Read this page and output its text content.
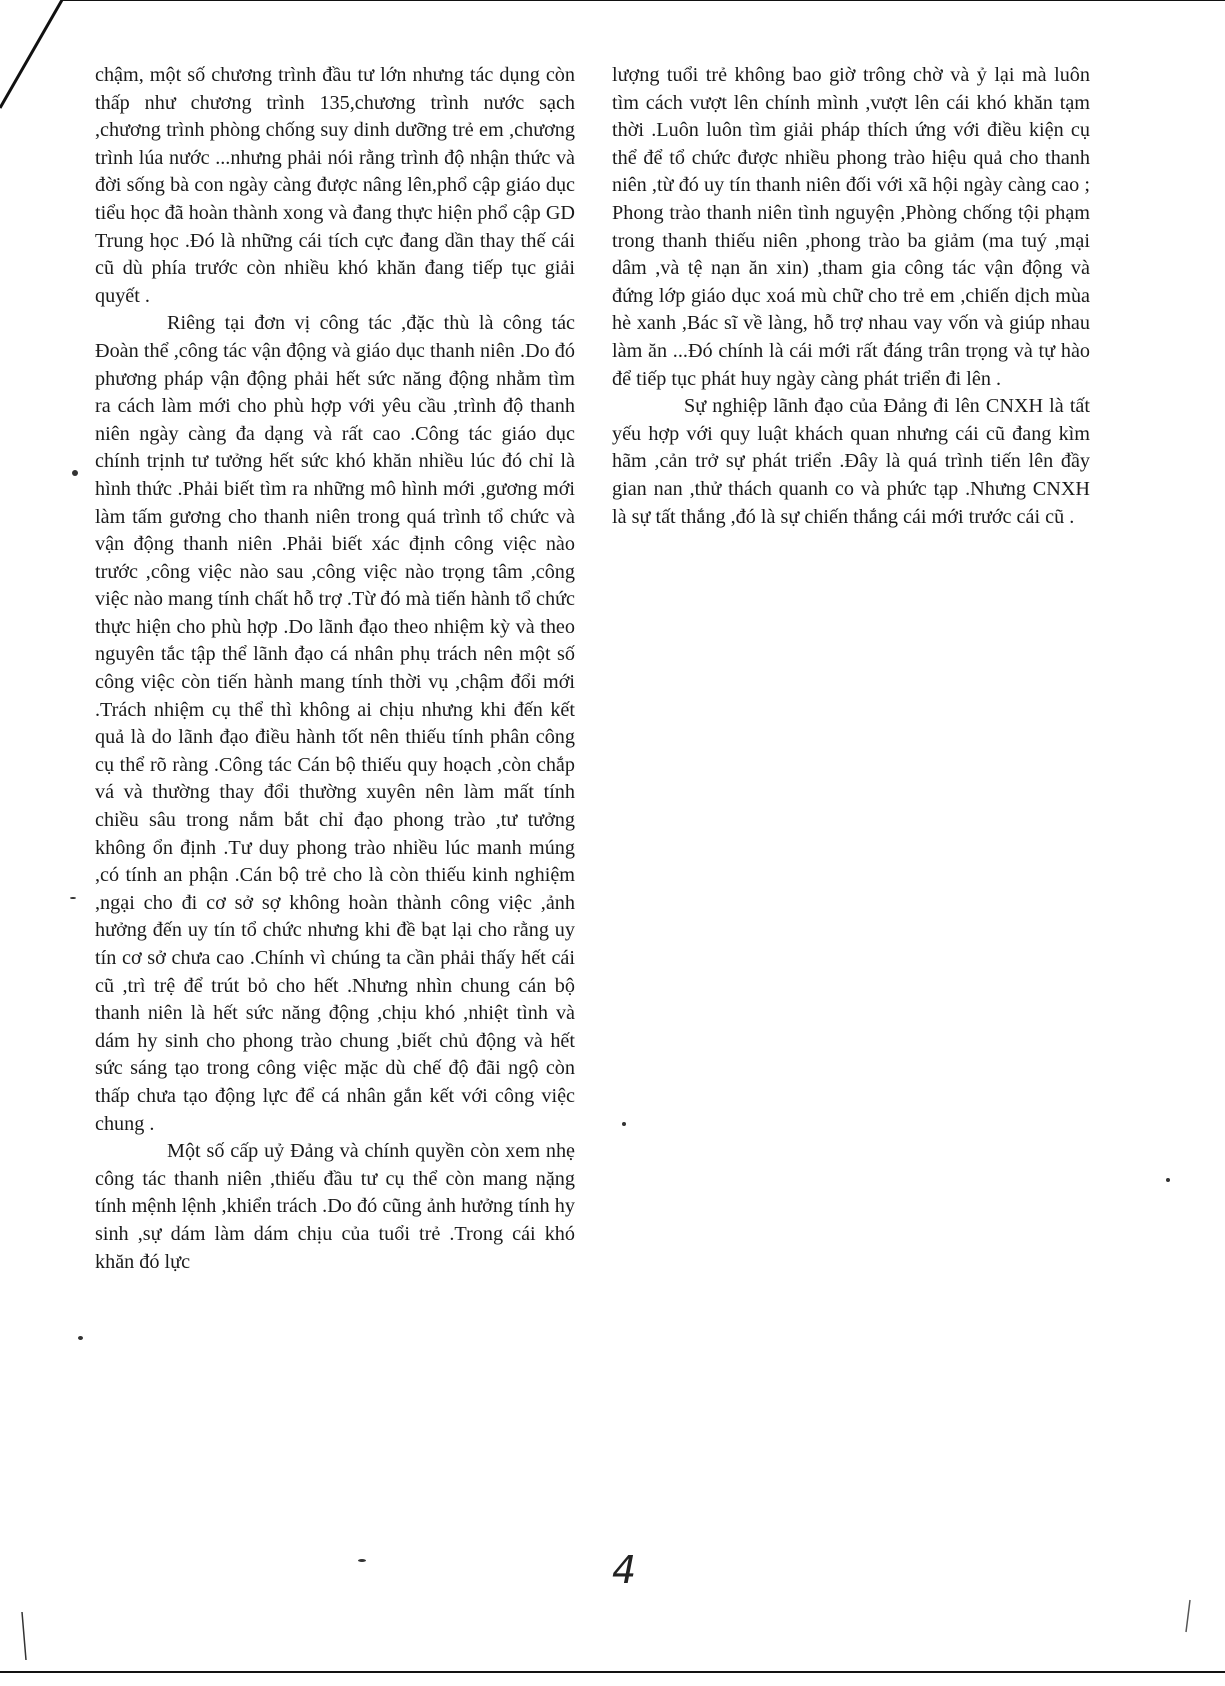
chậm, một số chương trình đầu tư lớn nhưng tác dụng còn thấp như chương trình 135,chương trình nước sạch ,chương trình phòng chống suy dinh dưỡng trẻ em ,chương trình lúa nước ...nhưng phải nói rằng trình độ nhận thức và đời sống bà con ngày càng được nâng lên,phổ cập giáo dục tiểu học đã hoàn thành xong và đang thực hiện phổ cập GD Trung học .Đó là những cái tích cực đang dần thay thế cái cũ dù phía trước còn nhiều khó khăn đang tiếp tục giải quyết .

Riêng tại đơn vị công tác ,đặc thù là công tác Đoàn thể ,công tác vận động và giáo dục thanh niên .Do đó phương pháp vận động phải hết sức năng động nhằm tìm ra cách làm mới cho phù hợp với yêu cầu ,trình độ thanh niên ngày càng đa dạng và rất cao .Công tác giáo dục chính trịnh tư tưởng hết sức khó khăn nhiều lúc đó chỉ là hình thức .Phải biết tìm ra những mô hình mới ,gương mới làm tấm gương cho thanh niên trong quá trình tổ chức và vận động thanh niên .Phải biết xác định công việc nào trước ,công việc nào sau ,công việc nào trọng tâm ,công việc nào mang tính chất hỗ trợ .Từ đó mà tiến hành tổ chức thực hiện cho phù hợp .Do lãnh đạo theo nhiệm kỳ và theo nguyên tắc tập thể lãnh đạo cá nhân phụ trách nên một số công việc còn tiến hành mang tính thời vụ ,chậm đổi mới .Trách nhiệm cụ thể thì không ai chịu nhưng khi đến kết quả là do lãnh đạo điều hành tốt nên thiếu tính phân công cụ thể rõ ràng .Công tác Cán bộ thiếu quy hoạch ,còn chắp vá và thường thay đổi thường xuyên nên làm mất tính chiều sâu trong nắm bắt chỉ đạo phong trào ,tư tưởng không ổn định .Tư duy phong trào nhiều lúc manh múng ,có tính an phận .Cán bộ trẻ cho là còn thiếu kinh nghiệm ,ngại cho đi cơ sở sợ không hoàn thành công việc ,ảnh hưởng đến uy tín tổ chức nhưng khi đề bạt lại cho rằng uy tín cơ sở chưa cao .Chính vì chúng ta cần phải thấy hết cái cũ ,trì trệ để trút bỏ cho hết .Nhưng nhìn chung cán bộ thanh niên là hết sức năng động ,chịu khó ,nhiệt tình và dám hy sinh cho phong trào chung ,biết chủ động và hết sức sáng tạo trong công việc mặc dù chế độ đãi ngộ còn thấp chưa tạo động lực để cá nhân gắn kết với công việc chung .

Một số cấp uỷ Đảng và chính quyền còn xem nhẹ công tác thanh niên ,thiếu đầu tư cụ thể còn mang nặng tính mệnh lệnh ,khiển trách .Do đó cũng ảnh hưởng tính hy sinh ,sự dám làm dám chịu của tuổi trẻ .Trong cái khó khăn đó lực

lượng tuổi trẻ không bao giờ trông chờ và ỷ lại mà luôn tìm cách vượt lên chính mình ,vượt lên cái khó khăn tạm thời .Luôn luôn tìm giải pháp thích ứng với điều kiện cụ thể để tổ chức được nhiều phong trào hiệu quả cho thanh niên ,từ đó uy tín thanh niên đối với xã hội ngày càng cao ; Phong trào thanh niên tình nguyện ,Phòng chống tội phạm trong thanh thiếu niên ,phong trào ba giảm (ma tuý ,mại dâm ,và tệ nạn ăn xin) ,tham gia công tác vận động và đứng lớp giáo dục xoá mù chữ cho trẻ em ,chiến dịch mùa hè xanh ,Bác sĩ về làng, hỗ trợ nhau vay vốn và giúp nhau làm ăn ...Đó chính là cái mới rất đáng trân trọng và tự hào để tiếp tục phát huy ngày càng phát triển đi lên .

Sự nghiệp lãnh đạo của Đảng đi lên CNXH là tất yếu hợp với quy luật khách quan nhưng cái cũ đang kìm hãm ,cản trở sự phát triển .Đây là quá trình tiến lên đầy gian nan ,thử thách quanh co và phức tạp .Nhưng CNXH là sự tất thắng ,đó là sự chiến thắng cái mới trước cái cũ .

4
